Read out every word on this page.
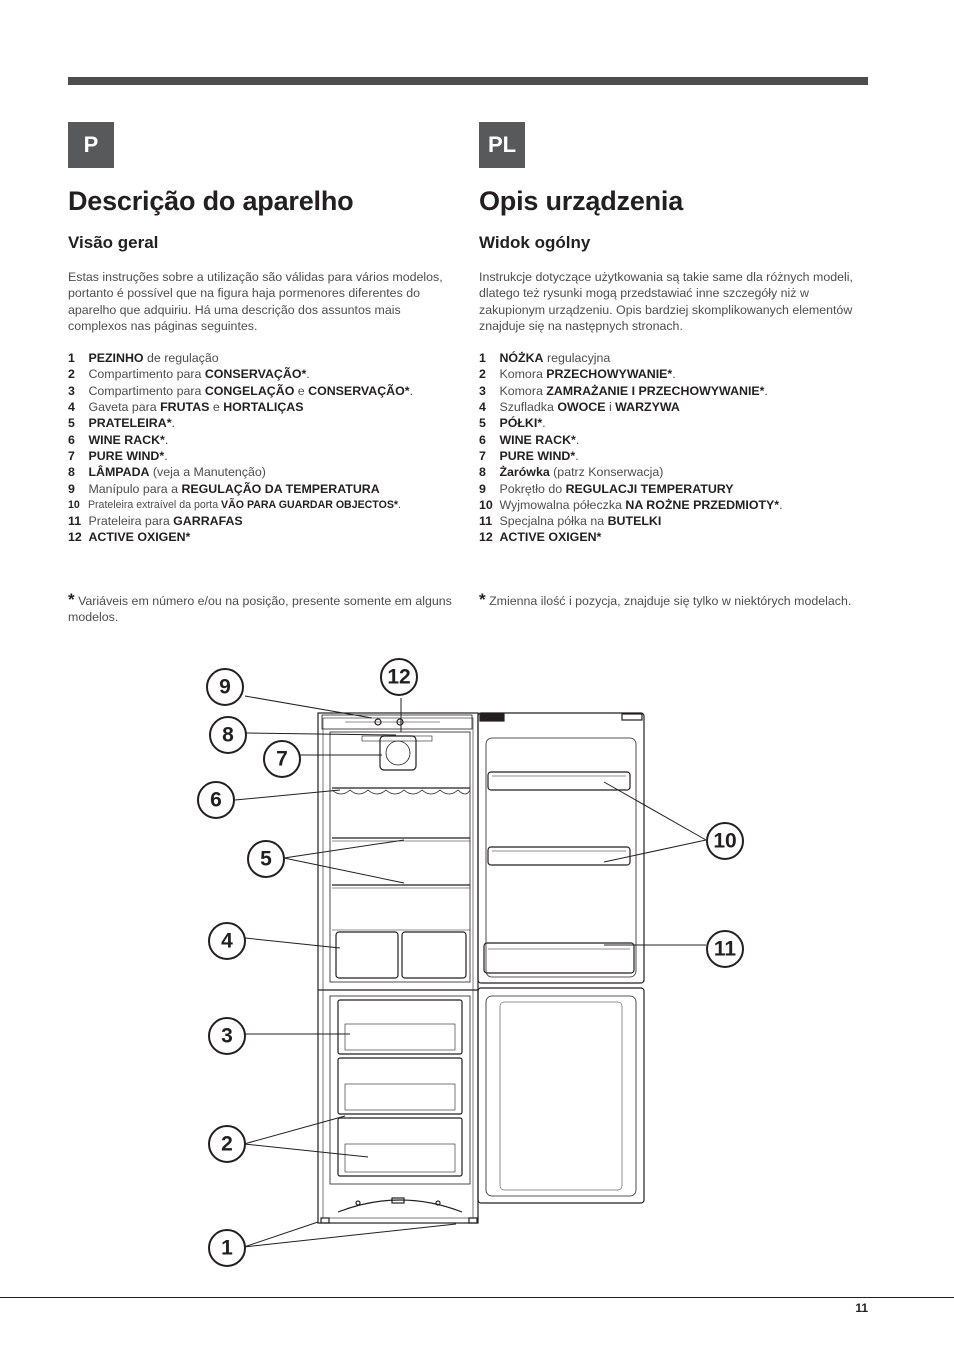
P
Descrição do aparelho
Visão geral
Estas instruções sobre a utilização são válidas para vários modelos, portanto é possível que na figura haja pormenores diferentes do aparelho que adquiriu. Há uma descrição dos assuntos mais complexos nas páginas seguintes.
1 PEZINHO de regulação
2 Compartimento para CONSERVAÇÃO*.
3 Compartimento para CONGELAÇÃO e CONSERVAÇÃO*.
4 Gaveta para FRUTAS e HORTALIÇAS
5 PRATELEIRA*.
6 WINE RACK*.
7 PURE WIND*.
8 LÂMPADA (veja a Manutenção)
9 Manípulo para a REGULAÇÃO DA TEMPERATURA
10 Prateleira extraível da porta VÃO PARA GUARDAR OBJECTOS*.
11 Prateleira para GARRAFAS
12 ACTIVE OXIGEN*
* Variáveis em número e/ou na posição, presente somente em alguns modelos.
PL
Opis urządzenia
Widok ogólny
Instrukcje dotyczące użytkowania są takie same dla różnych modeli, dlatego też rysunki mogą przedstawiać inne szczegóły niż w zakupionym urządzeniu. Opis bardziej skomplikowanych elementów znajduje się na następnych stronach.
1 NÓŻKA regulacyjna
2 Komora PRZECHOWYWANIE*.
3 Komora ZAMRAŻANIE I PRZECHOWYWANIE*.
4 Szufladka OWOCE i WARZYWA
5 PÓŁKI*.
6 WINE RACK*.
7 PURE WIND*.
8 Żarówka (patrz Konserwacja)
9 Pokrętło do REGULACJI TEMPERATURY
10 Wyjmowalna półeczka NA ROŻNE PRZEDMIOTY*.
11 Specjalna półka na BUTELKI
12 ACTIVE OXIGEN*
* Zmienna ilość i pozycja, znajduje się tylko w niektórych modelach.
9	12
8
7
6
5
4
3
2
1
10
11
11
